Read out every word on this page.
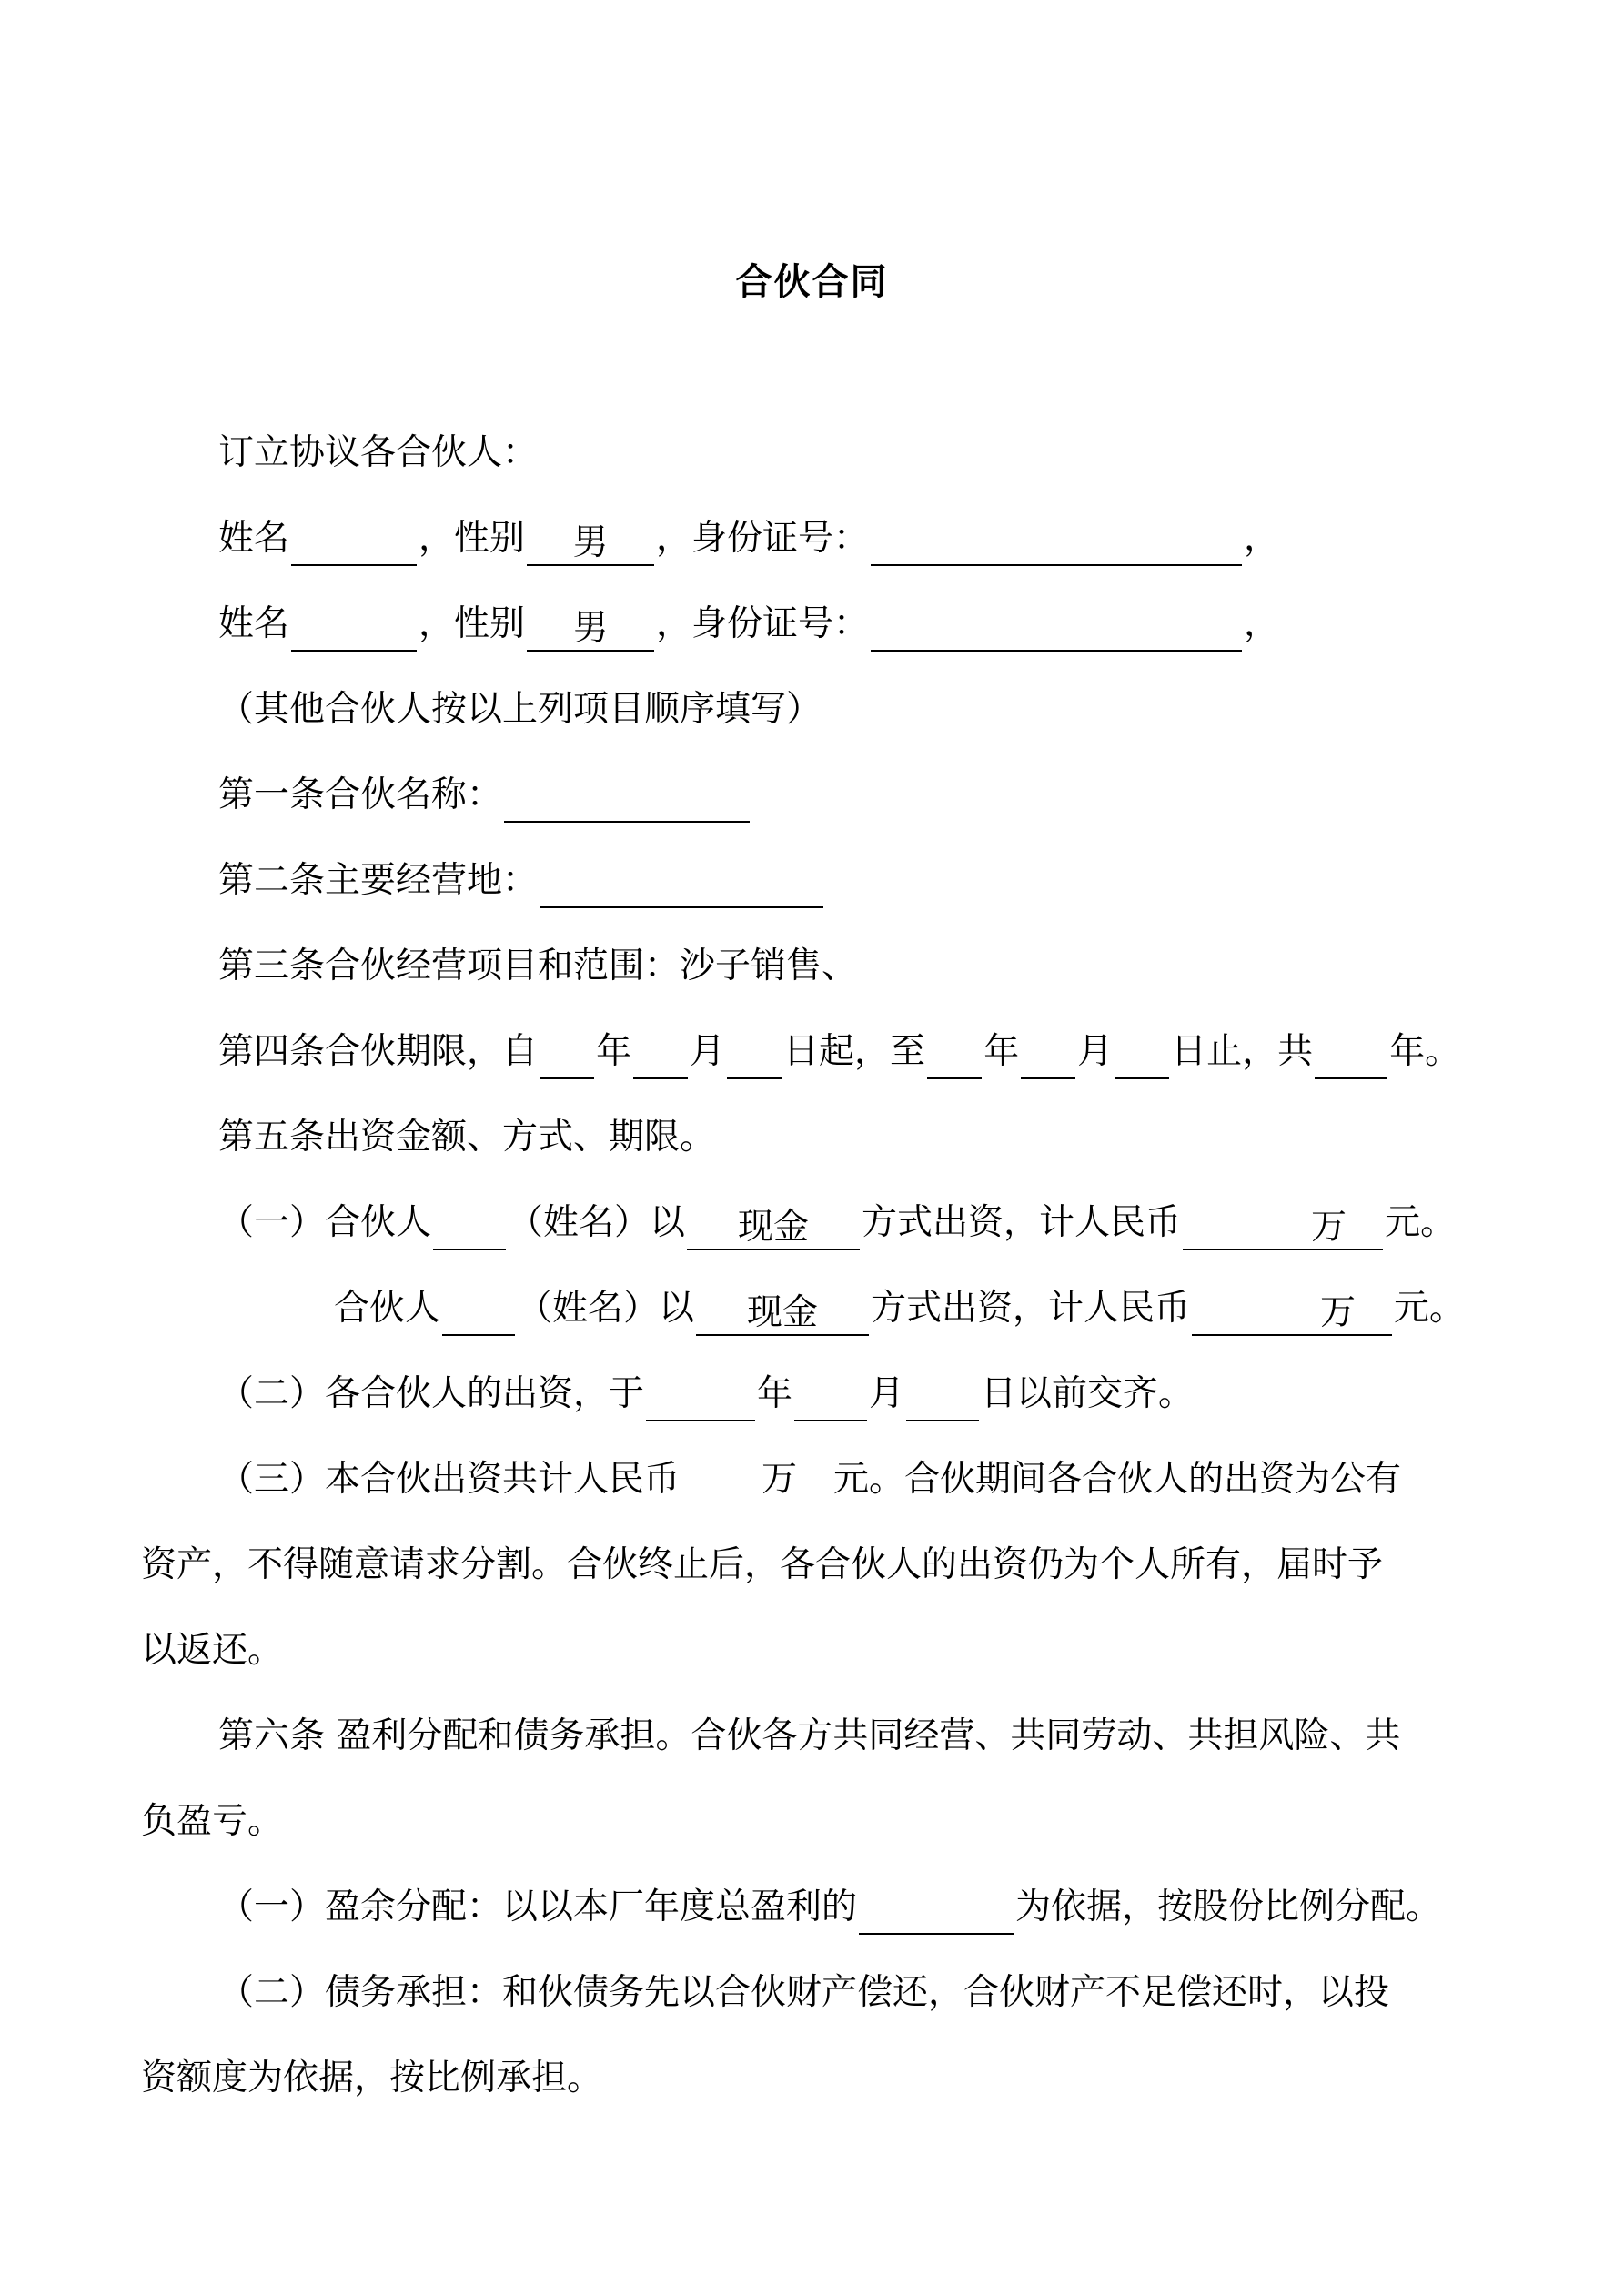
合伙合同
订立协议各合伙人：
姓名	，性别 男 ，身份证号：	，
姓名	，性别 男 ，身份证号：	，
（其他合伙人按以上列项目顺序填写）
第一条合伙名称：
第二条主要经营地：
第三条合伙经营项目和范围：沙子销售、
第四条合伙期限，自 年 月 日起，至 年 月 日止，共 年。
第五条出资金额、方式、期限。
（一）合伙人 （姓名）以 现金 方式出资，计人民币	万 元。
合伙人 （姓名）以 现金 方式出资，计人民币	万 元。
（二）各合伙人的出资，于	年 月 日以前交齐。
（三）本合伙出资共计人民币 万 元。合伙期间各合伙人的出资为公有
资产，不得随意请求分割。合伙终止后，各合伙人的出资仍为个人所有，届时予
以返还。
第六条 盈利分配和债务承担。合伙各方共同经营、共同劳动、共担风险、共
负盈亏。
（一）盈余分配：以以本厂年度总盈利的	为依据，按股份比例分配。
（二）债务承担：和伙债务先以合伙财产偿还，合伙财产不足偿还时，以投
资额度为依据，按比例承担。
